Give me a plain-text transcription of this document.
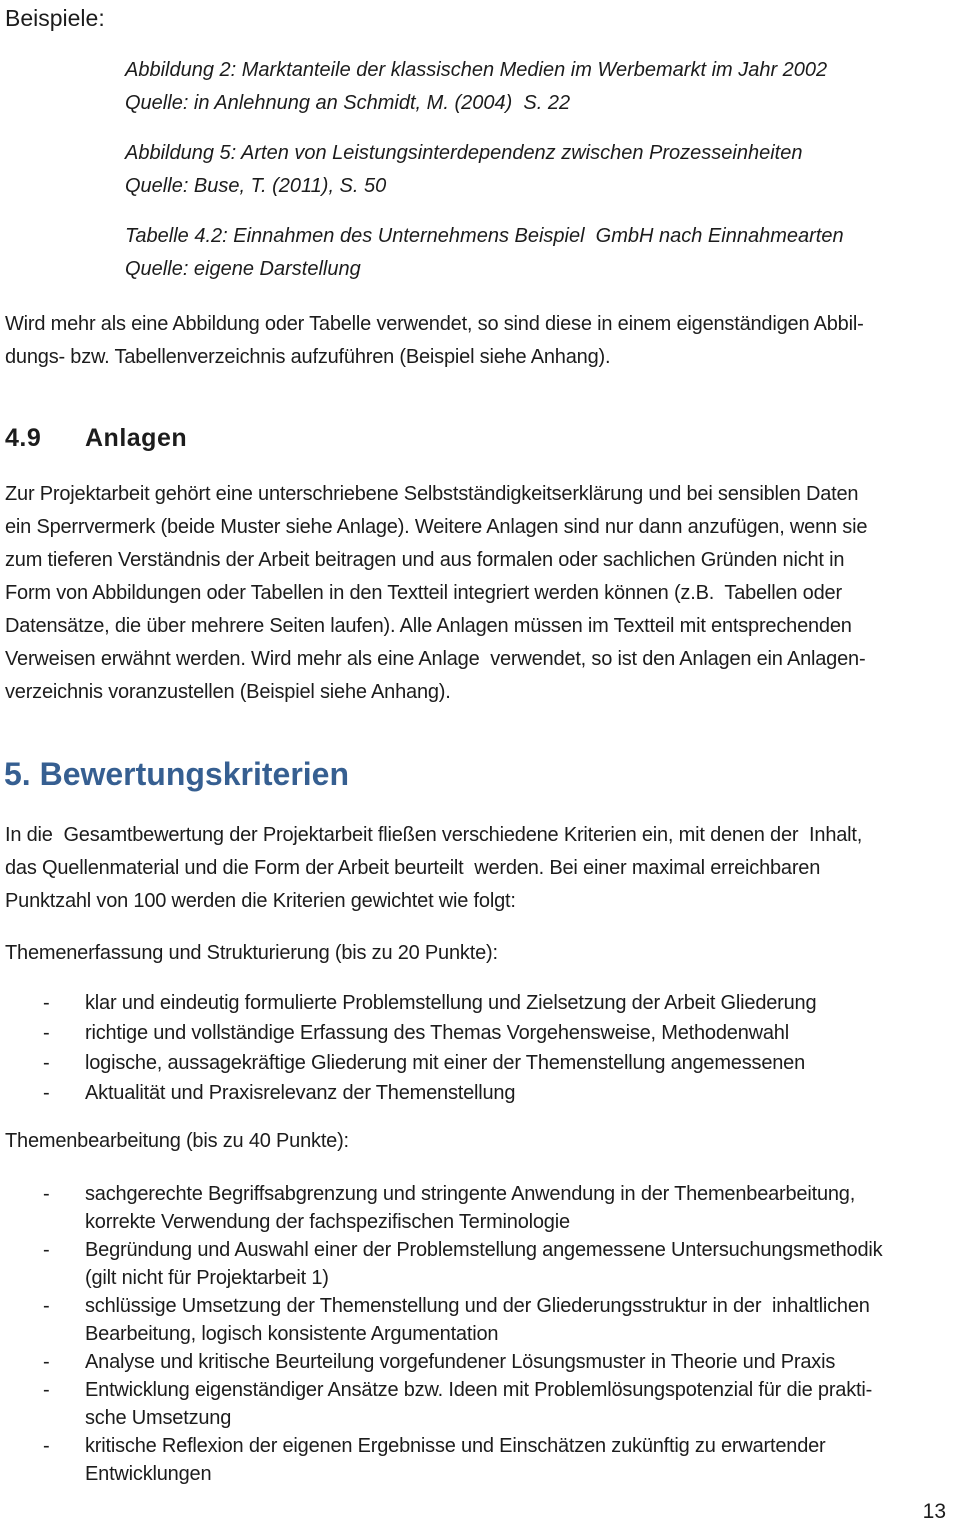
Beispiele:
Abbildung 2: Marktanteile der klassischen Medien im Werbemarkt im Jahr 2002
Quelle: in Anlehnung an Schmidt, M. (2004)  S. 22
Abbildung 5: Arten von Leistungsinterdependenz zwischen Prozesseinheiten
Quelle: Buse, T. (2011), S. 50
Tabelle 4.2: Einnahmen des Unternehmens Beispiel  GmbH nach Einnahmearten
Quelle: eigene Darstellung
Wird mehr als eine Abbildung oder Tabelle verwendet, so sind diese in einem eigenständigen Abbil-
dungs- bzw. Tabellenverzeichnis aufzuführen (Beispiel siehe Anhang).
4.9 Anlagen
Zur Projektarbeit gehört eine unterschriebene Selbstständigkeitserklärung und bei sensiblen Daten
ein Sperrvermerk (beide Muster siehe Anlage). Weitere Anlagen sind nur dann anzufügen, wenn sie
zum tieferen Verständnis der Arbeit beitragen und aus formalen oder sachlichen Gründen nicht in
Form von Abbildungen oder Tabellen in den Textteil integriert werden können (z.B.  Tabellen oder
Datensätze, die über mehrere Seiten laufen). Alle Anlagen müssen im Textteil mit entsprechenden
Verweisen erwähnt werden. Wird mehr als eine Anlage  verwendet, so ist den Anlagen ein Anlagen-
verzeichnis voranzustellen (Beispiel siehe Anhang).
5. Bewertungskriterien
In die  Gesamtbewertung der Projektarbeit fließen verschiedene Kriterien ein, mit denen der  Inhalt,
das Quellenmaterial und die Form der Arbeit beurteilt  werden. Bei einer maximal erreichbaren
Punktzahl von 100 werden die Kriterien gewichtet wie folgt:
Themenerfassung und Strukturierung (bis zu 20 Punkte):
-	klar und eindeutig formulierte Problemstellung und Zielsetzung der Arbeit Gliederung
-	richtige und vollständige Erfassung des Themas Vorgehensweise, Methodenwahl
-	logische, aussagekräftige Gliederung mit einer der Themenstellung angemessenen
-	Aktualität und Praxisrelevanz der Themenstellung
Themenbearbeitung (bis zu 40 Punkte):
-	sachgerechte Begriffsabgrenzung und stringente Anwendung in der Themenbearbeitung,
korrekte Verwendung der fachspezifischen Terminologie
-	Begründung und Auswahl einer der Problemstellung angemessene Untersuchungsmethodik
(gilt nicht für Projektarbeit 1)
-	schlüssige Umsetzung der Themenstellung und der Gliederungsstruktur in der  inhaltlichen
Bearbeitung, logisch konsistente Argumentation
-	Analyse und kritische Beurteilung vorgefundener Lösungsmuster in Theorie und Praxis
-	Entwicklung eigenständiger Ansätze bzw. Ideen mit Problemlösungspotenzial für die prakti-
sche Umsetzung
-	kritische Reflexion der eigenen Ergebnisse und Einschätzen zukünftig zu erwartender
Entwicklungen
13
